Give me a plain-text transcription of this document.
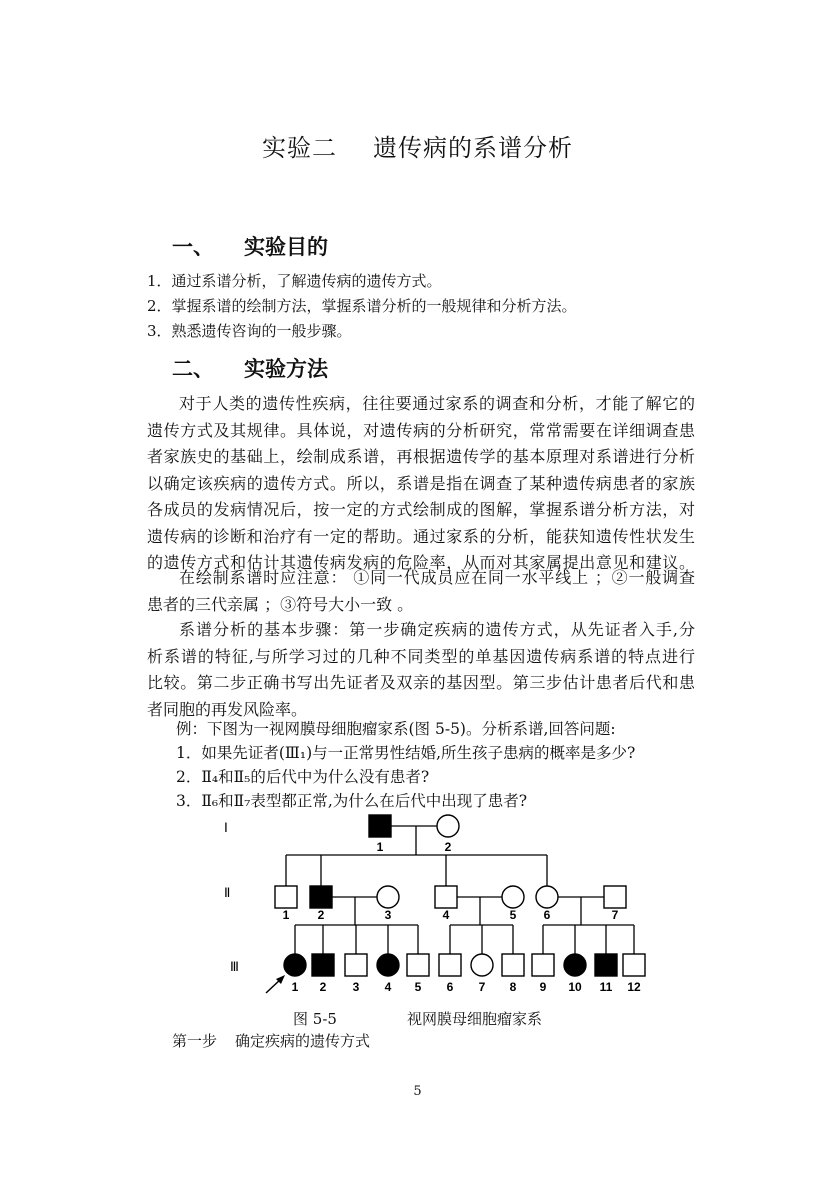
实验二 遗传病的系谱分析
一、 实验目的
1．通过系谱分析，了解遗传病的遗传方式。
2．掌握系谱的绘制方法，掌握系谱分析的一般规律和分析方法。
3．熟悉遗传咨询的一般步骤。
二、 实验方法
对于人类的遗传性疾病，往往要通过家系的调查和分析，才能了解它的
遗传方式及其规律。具体说，对遗传病的分析研究，常常需要在详细调查患
者家族史的基础上，绘制成系谱，再根据遗传学的基本原理对系谱进行分析
以确定该疾病的遗传方式。所以，系谱是指在调查了某种遗传病患者的家族
各成员的发病情况后，按一定的方式绘制成的图解，掌握系谱分析方法，对
遗传病的诊断和治疗有一定的帮助。通过家系的分析，能获知遗传性状发生
的遗传方式和估计其遗传病发病的危险率，从而对其家属提出意见和建议。
在绘制系谱时应注意： ①同一代成员应在同一水平线上 ；②一般调查
患者的三代亲属 ；③符号大小一致 。
系谱分析的基本步骤：第一步确定疾病的遗传方式，从先证者入手,分
析系谱的特征,与所学习过的几种不同类型的单基因遗传病系谱的特点进行
比较。第二步正确书写出先证者及双亲的基因型。第三步估计患者后代和患
者同胞的再发风险率。
例：下图为一视网膜母细胞瘤家系(图 5-5)。分析系谱,回答问题:
1．如果先证者(Ⅲ₁)与一正常男性结婚,所生孩子患病的概率是多少?
2．Ⅱ₄和Ⅱ₅的后代中为什么没有患者?
3．Ⅱ₆和Ⅱ₇表型都正常,为什么在后代中出现了患者?
Ⅰ
Ⅱ
Ⅲ
1	2
1 2	3	4	5 6	7
1 2 3 4 5 6 7 8 9 10 11 12
图 5-5	视网膜母细胞瘤家系
第一步 确定疾病的遗传方式
5
